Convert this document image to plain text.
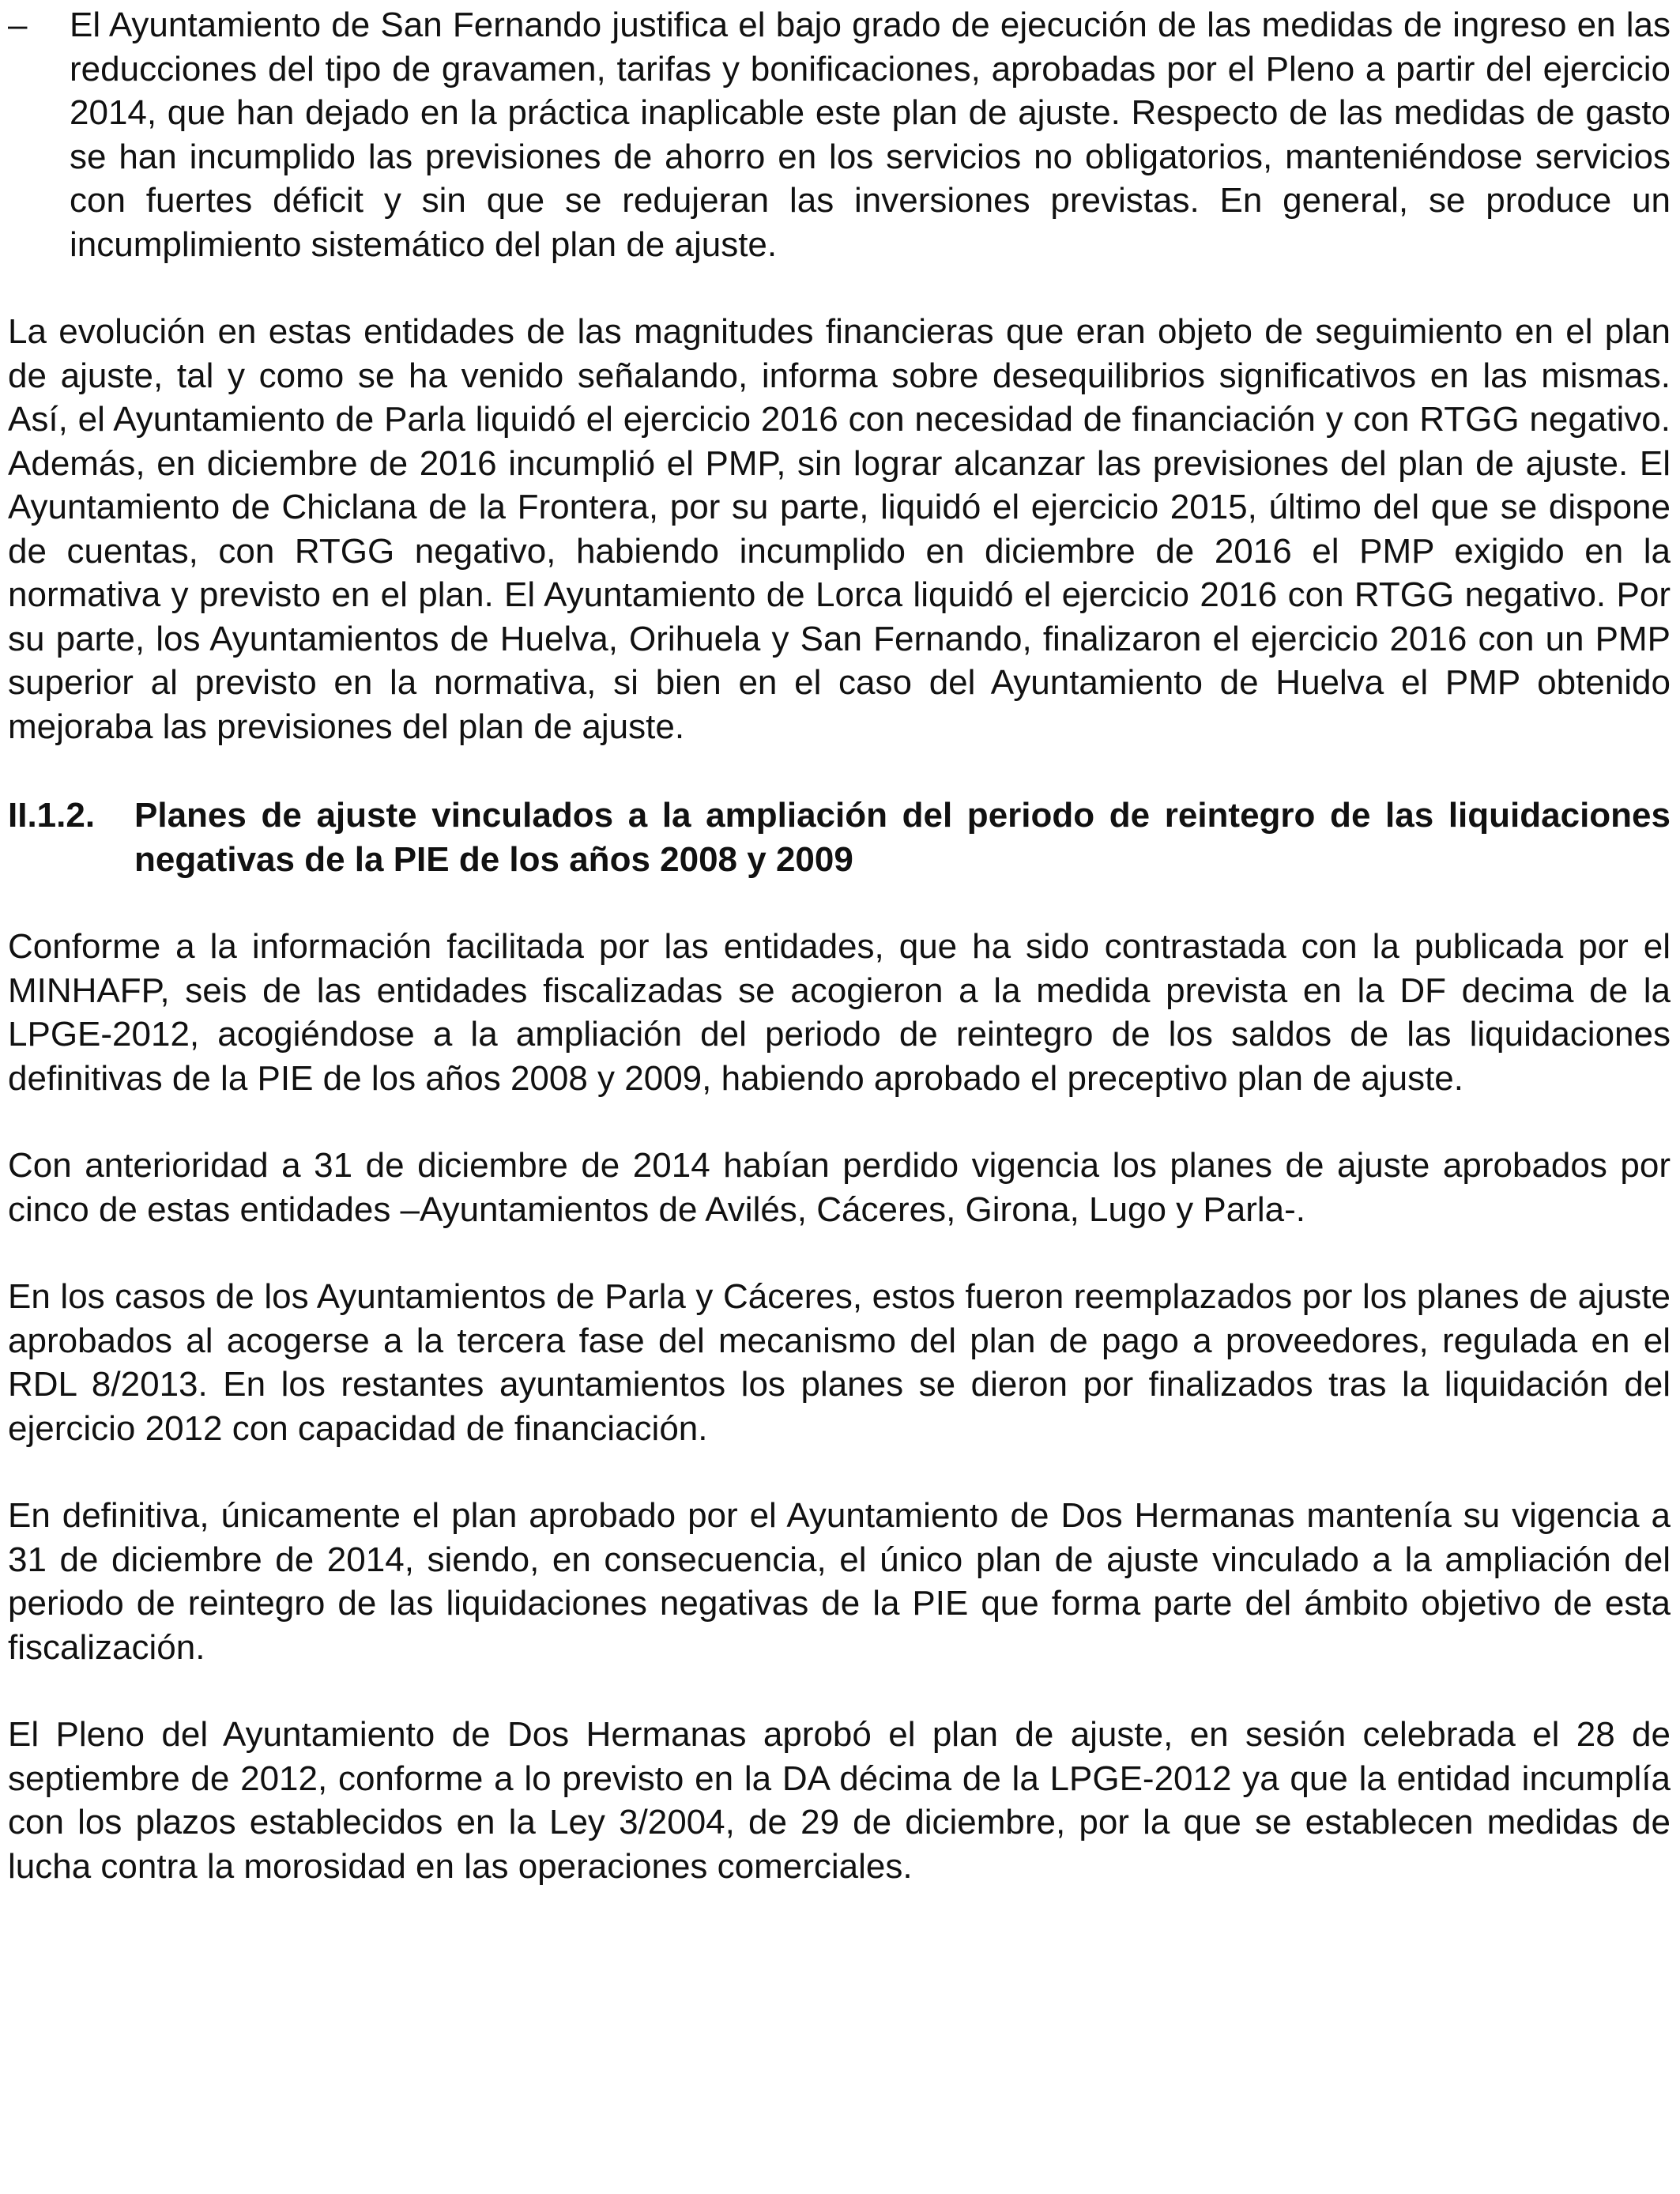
– El Ayuntamiento de San Fernando justifica el bajo grado de ejecución de las medidas de ingreso en las reducciones del tipo de gravamen, tarifas y bonificaciones, aprobadas por el Pleno a partir del ejercicio 2014, que han dejado en la práctica inaplicable este plan de ajuste. Respecto de las medidas de gasto se han incumplido las previsiones de ahorro en los servicios no obligatorios, manteniéndose servicios con fuertes déficit y sin que se redujeran las inversiones previstas. En general, se produce un incumplimiento sistemático del plan de ajuste.

La evolución en estas entidades de las magnitudes financieras que eran objeto de seguimiento en el plan de ajuste, tal y como se ha venido señalando, informa sobre desequilibrios significativos en las mismas. Así, el Ayuntamiento de Parla liquidó el ejercicio 2016 con necesidad de financiación y con RTGG negativo. Además, en diciembre de 2016 incumplió el PMP, sin lograr alcanzar las previsiones del plan de ajuste. El Ayuntamiento de Chiclana de la Frontera, por su parte, liquidó el ejercicio 2015, último del que se dispone de cuentas, con RTGG negativo, habiendo incumplido en diciembre de 2016 el PMP exigido en la normativa y previsto en el plan. El Ayuntamiento de Lorca liquidó el ejercicio 2016 con RTGG negativo. Por su parte, los Ayuntamientos de Huelva, Orihuela y San Fernando, finalizaron el ejercicio 2016 con un PMP superior al previsto en la normativa, si bien en el caso del Ayuntamiento de Huelva el PMP obtenido mejoraba las previsiones del plan de ajuste.

II.1.2. Planes de ajuste vinculados a la ampliación del periodo de reintegro de las liquidaciones negativas de la PIE de los años 2008 y 2009

Conforme a la información facilitada por las entidades, que ha sido contrastada con la publicada por el MINHAFP, seis de las entidades fiscalizadas se acogieron a la medida prevista en la DF decima de la LPGE-2012, acogiéndose a la ampliación del periodo de reintegro de los saldos de las liquidaciones definitivas de la PIE de los años 2008 y 2009, habiendo aprobado el preceptivo plan de ajuste.

Con anterioridad a 31 de diciembre de 2014 habían perdido vigencia los planes de ajuste aprobados por cinco de estas entidades –Ayuntamientos de Avilés, Cáceres, Girona, Lugo y Parla-.

En los casos de los Ayuntamientos de Parla y Cáceres, estos fueron reemplazados por los planes de ajuste aprobados al acogerse a la tercera fase del mecanismo del plan de pago a proveedores, regulada en el RDL 8/2013. En los restantes ayuntamientos los planes se dieron por finalizados tras la liquidación del ejercicio 2012 con capacidad de financiación.

En definitiva, únicamente el plan aprobado por el Ayuntamiento de Dos Hermanas mantenía su vigencia a 31 de diciembre de 2014, siendo, en consecuencia, el único plan de ajuste vinculado a la ampliación del periodo de reintegro de las liquidaciones negativas de la PIE que forma parte del ámbito objetivo de esta fiscalización.

El Pleno del Ayuntamiento de Dos Hermanas aprobó el plan de ajuste, en sesión celebrada el 28 de septiembre de 2012, conforme a lo previsto en la DA décima de la LPGE-2012 ya que la entidad incumplía con los plazos establecidos en la Ley 3/2004, de 29 de diciembre, por la que se establecen medidas de lucha contra la morosidad en las operaciones comerciales.
